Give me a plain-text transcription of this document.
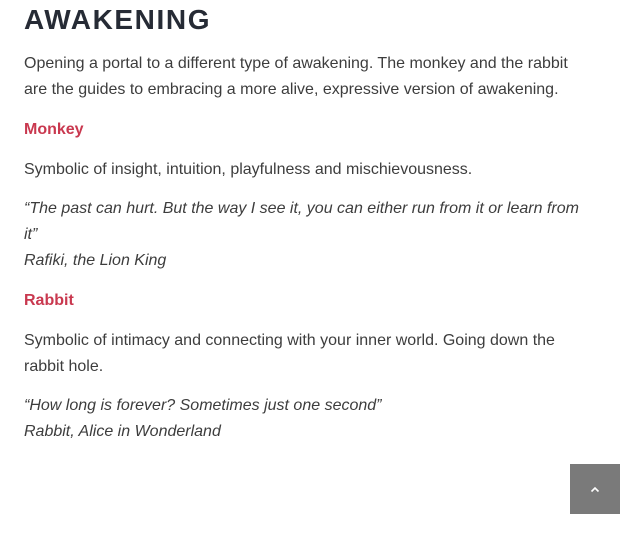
AWAKENING

Opening a portal to a different type of awakening. The monkey and the rabbit are the guides to embracing a more alive, expressive version of awakening.

Monkey

Symbolic of insight, intuition, playfulness and mischievousness.

“The past can hurt. But the way I see it, you can either run from it or learn from it”
Rafiki, the Lion King

Rabbit

Symbolic of intimacy and connecting with your inner world. Going down the rabbit hole.

“How long is forever? Sometimes just one second”
Rabbit, Alice in Wonderland
